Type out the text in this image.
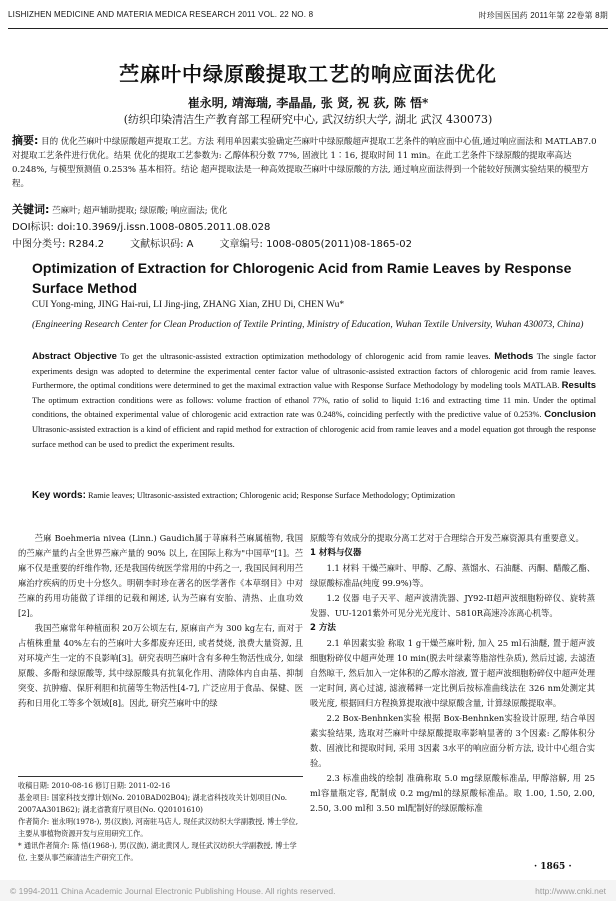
LISHIZHEN MEDICINE AND MATERIA MEDICA RESEARCH 2011 VOL. 22 NO. 8	时珍国医国药 2011年第 22卷第 8期
苎麻叶中绿原酸提取工艺的响应面法优化
崔永明, 靖海瑞, 李晶晶, 张 贤, 祝 荻, 陈 悟*
(纺织印染清洁生产教育部工程研究中心, 武汉纺织大学, 湖北 武汉 430073)
摘要: 目的 优化苎麻叶中绿原酸超声提取工艺。方法 利用单因素实验确定苎麻叶中绿原酸超声提取工艺条件的响应面中心值,通过响应面法和 MATLAB7.0对提取工艺条件进行优化。结果 优化的提取工艺参数为: 乙醇体积分数 77%, 固液比 1∶16, 提取时间 11 min。在此工艺条件下绿原酸的提取率高达 0.248%, 与模型预测值 0.253% 基本相符。结论 超声提取法是一种高效提取苎麻叶中绿原酸的方法, 通过响应面法得到一个能较好预测实验结果的模型方程。
关键词: 苎麻叶; 超声辅助提取; 绿原酸; 响应面法; 优化
DOI标识: doi:10.3969/j.issn.1008-0805.2011.08.028
中图分类号: R284.2	文献标识码: A	文章编号: 1008-0805(2011)08-1865-02
Optimization of Extraction for Chlorogenic Acid from Ramie Leaves by Response Surface Method
CUI Yong-ming, JING Hai-rui, LI Jing-jing, ZHANG Xian, ZHU Di, CHEN Wu*
(Engineering Research Center for Clean Production of Textile Printing, Ministry of Education, Wuhan Textile University, Wuhan 430073, China)
Abstract Objective To get the ultrasonic-assisted extraction optimization methodology of chlorogenic acid from ramie leaves. Methods The single factor experiments design was adopted to determine the experimental center factor value of ultrasonic-assisted extraction factors of chlorogenic acid from ramie leaves. Furthermore, the optimal conditions were determined to get the maximal extraction value with Response Surface Methodology by modeling tools MATLAB. Results The optimum extraction conditions were as follows: volume fraction of ethanol 77%, ratio of solid to liquid 1:16 and extracting time 11 min. Under the optimal conditions, the obtained experimental value of chlorogenic acid extraction rate was 0.248%, coinciding perfectly with the predictive value of 0.253%. Conclusion Ultrasonic-assisted extraction is a kind of efficient and rapid method for extraction of chlorogenic acid from ramie leaves and a model equation got through the response surface method can be used to predict the experiment results.
Key words: Ramie leaves; Ultrasonic-assisted extraction; Chlorogenic acid; Response Surface Methodology; Optimization

苎麻 Boehmeria nivea (Linn.) Gaudich属于荨麻科苎麻属植物, 我国的苎麻产量约占全世界苎麻产量的 90% 以上, 在国际上称为"中国草"[1]。苎麻不仅是重要的纤维作物, 还是我国传统医学常用的中药之一, 我国民间利用苎麻治疗疾病的历史十分悠久。明朝李时珍在著名的医学著作《本草纲目》中对苎麻的药用功能做了详细的记载和阐述, 认为苎麻有安胎、清热、止血功效[2]。

我国苎麻常年种植面积 20万公顷左右, 原麻亩产为 300 kg左右, 而对于占植株重量 40%左右的苎麻叶大多都废弃还田, 或者焚烧, 浪费大量资源, 且对环境产生一定的不良影响[3]。研究表明苎麻叶含有多种生物活性成分, 如绿原酸、多酚和绿原酸等, 其中绿原酸具有抗氧化作用、清除体内自由基、抑制突变、抗肿瘤、保肝利胆和抗菌等生物活性[4-7], 广泛应用于食品、保健、医药和日用化工等多个领域[8]。因此, 研究苎麻叶中的绿

原酸等有效成分的提取分离工艺对于合理综合开发苎麻资源具有重要意义。

1 材料与仪器

1.1 材料 干燥苎麻叶、甲醇、乙醇、蒸馏水、石油醚、丙酮、醋酸乙酯、绿原酸标准品(纯度 99.9%)等。

1.2 仪器 电子天平、超声波清洗器、JY92-II超声波细胞粉碎仪、旋转蒸发器、UU-1201紫外可见分光光度计、5810R高速冷冻离心机等。

2 方法

2.1 单因素实验 称取 1 g干燥苎麻叶粉, 加入 25 ml石油醚, 置于超声波细胞粉碎仪中超声处理 10 min(脱去叶绿素等脂溶性杂质), 然后过滤, 去滤渣自然晾干, 然后加入一定体积的乙醇水溶液, 置于超声波细胞粉碎仪中超声处理一定时间, 离心过滤, 滤液稀释一定比例后按标准曲线法在 326 nm处测定其吸光度, 根据回归方程换算提取液中绿原酸含量, 计算绿原酸提取率。

2.2 Box-Benhnken实验 根据 Box-Benhnken实验设计原理, 结合单因素实验结果, 选取对苎麻叶中绿原酸提取率影响显著的 3个因素: 乙醇体积分数、固液比和提取时间, 采用 3因素 3水平的响应面分析方法, 设计中心组合实验。

2.3 标准曲线的绘制 准确称取 5.0 mg绿原酸标准品, 甲醇溶解, 用 25 ml容量瓶定容, 配制成 0.2 mg/ml的绿原酸标准品。取 1.00, 1.50, 2.00, 2.50, 3.00 ml和 3.50 ml配制好的绿原酸标准

收稿日期: 2010-08-16 修订日期: 2011-02-16
基金项目: 国家科技支撑计划(No. 2010BAD02B04); 湖北省科技攻关计划项目(No. 2007AA301B62); 湖北省教育厅项目(No. Q20101610)
作者简介: 崔永明(1978-), 男(汉族), 河南驻马店人, 现任武汉纺织大学副教授, 博士学位, 主要从事植物资源开发与应用研究工作。
* 通讯作者简介: 陈 悟(1968-), 男(汉族), 湖北黄冈人, 现任武汉纺织大学副教授, 博士学位, 主要从事苎麻清洁生产研究工作。
· 1865 ·
© 1994-2011 China Academic Journal Electronic Publishing House. All rights reserved.	http://www.cnki.net
